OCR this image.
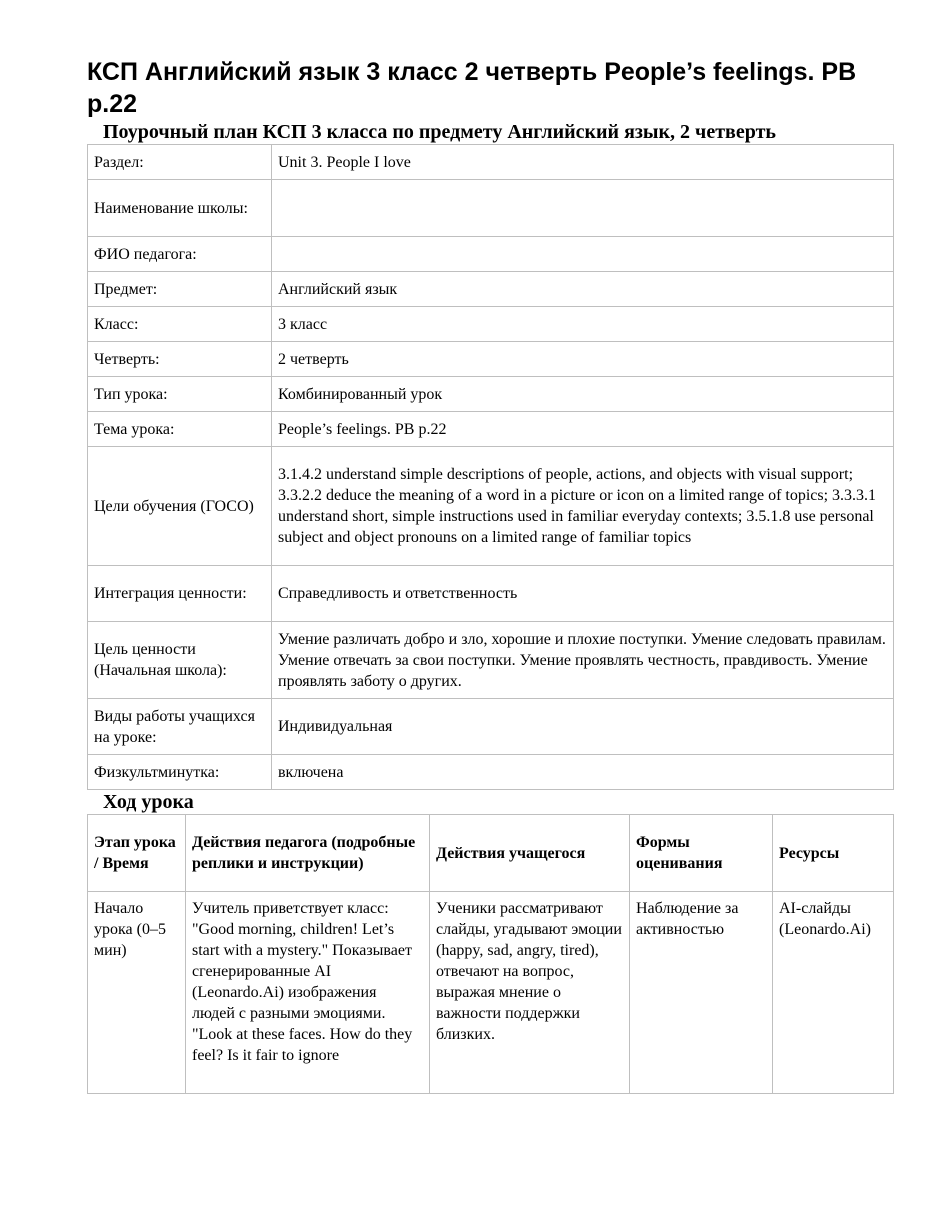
КСП Английский язык 3 класс 2 четверть People’s feelings. PB p.22
Поурочный план КСП 3 класса по предмету Английский язык, 2 четверть
Раздел:	Unit 3. People I love
Наименование школы:	
ФИО педагога:	
Предмет:	Английский язык
Класс:	3 класс
Четверть:	2 четверть
Тип урока:	Комбинированный урок
Тема урока:	People’s feelings. PB p.22
Цели обучения (ГОСО)	3.1.4.2 understand simple descriptions of people, actions, and objects with visual support; 3.3.2.2 deduce the meaning of a word in a picture or icon on a limited range of topics; 3.3.3.1 understand short, simple instructions used in familiar everyday contexts; 3.5.1.8 use personal subject and object pronouns on a limited range of familiar topics
Интеграция ценности:	Справедливость и ответственность
Цель ценности (Начальная школа):	Умение различать добро и зло, хорошие и плохие поступки. Умение следовать правилам. Умение отвечать за свои поступки. Умение проявлять честность, правдивость. Умение проявлять заботу о других.
Виды работы учащихся на уроке:	Индивидуальная
Физкультминутка:	включена
Ход урока
Этап урока / Время	Действия педагога (подробные реплики и инструкции)	Действия учащегося	Формы оценивания	Ресурсы
Начало урока (0–5 мин)	Учитель приветствует класс: "Good morning, children! Let’s start with a mystery." Показывает сгенерированные AI (Leonardo.Ai) изображения людей с разными эмоциями. "Look at these faces. How do they feel? Is it fair to ignore	Ученики рассматривают слайды, угадывают эмоции (happy, sad, angry, tired), отвечают на вопрос, выражая мнение о важности поддержки близких.	Наблюдение за активностью	AI-слайды (Leonardo.Ai)
